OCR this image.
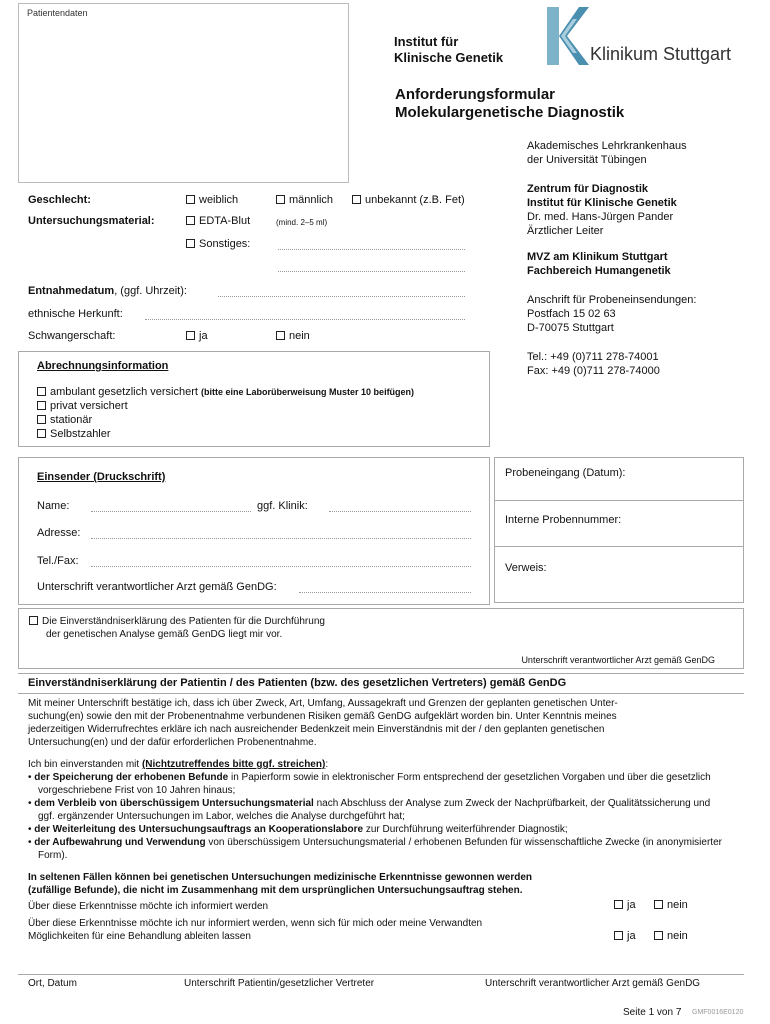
Patientendaten
Institut für
Klinische Genetik	Klinikum Stuttgart
Anforderungsformular
Molekulargenetische Diagnostik
Akademisches Lehrkrankenhaus
der Universität Tübingen
Zentrum für Diagnostik
Institut für Klinische Genetik
Dr. med. Hans-Jürgen Pander
Ärztlicher Leiter
MVZ am Klinikum Stuttgart
Fachbereich Humangenetik
Anschrift für Probeneinsendungen:
Postfach 15 02 63
D-70075 Stuttgart
Tel.: +49 (0)711 278-74001
Fax: +49 (0)711 278-74000
Geschlecht:	weiblich	männlich	unbekannt (z.B. Fet)
Untersuchungsmaterial:	EDTA-Blut	(mind. 2–5 ml)
Sonstiges:
Entnahmedatum, (ggf. Uhrzeit):
ethnische Herkunft:
Schwangerschaft:	ja	nein
Abrechnungsinformation
ambulant gesetzlich versichert (bitte eine Laborüberweisung Muster 10 beifügen)
privat versichert
stationär
Selbstzahler
Einsender (Druckschrift)
Name:	ggf. Klinik:
Adresse:
Tel./Fax:
Unterschrift verantwortlicher Arzt gemäß GenDG:
Probeneingang (Datum):
Interne Probennummer:
Verweis:
Die Einverständniserklärung des Patienten für die Durchführung
der genetischen Analyse gemäß GenDG liegt mir vor.
Unterschrift verantwortlicher Arzt gemäß GenDG
Einverständniserklärung der Patientin / des Patienten (bzw. des gesetzlichen Vertreters) gemäß GenDG
Mit meiner Unterschrift bestätige ich, dass ich über Zweck, Art, Umfang, Aussagekraft und Grenzen der geplanten genetischen Unter-
suchung(en) sowie den mit der Probenentnahme verbundenen Risiken gemäß GenDG aufgeklärt worden bin. Unter Kenntnis meines
jederzeitigen Widerrufrechtes erkläre ich nach ausreichender Bedenkzeit mein Einverständnis mit der / den geplanten genetischen
Untersuchung(en) und der dafür erforderlichen Probenentnahme.
Ich bin einverstanden mit (Nichtzutreffendes bitte ggf. streichen):
• der Speicherung der erhobenen Befunde in Papierform sowie in elektronischer Form entsprechend der gesetzlichen Vorgaben und über die gesetzlich vorgeschriebene Frist von 10 Jahren hinaus;
• dem Verbleib von überschüssigem Untersuchungsmaterial nach Abschluss der Analyse zum Zweck der Nachprüfbarkeit, der Qualitätssicherung und ggf. ergänzender Untersuchungen im Labor, welches die Analyse durchgeführt hat;
• der Weiterleitung des Untersuchungsauftrags an Kooperationslabore zur Durchführung weiterführender Diagnostik;
• der Aufbewahrung und Verwendung von überschüssigem Untersuchungsmaterial / erhobenen Befunden für wissenschaftliche Zwecke (in anonymisierter Form).
In seltenen Fällen können bei genetischen Untersuchungen medizinische Erkenntnisse gewonnen werden
(zufällige Befunde), die nicht im Zusammenhang mit dem ursprünglichen Untersuchungsauftrag stehen.
Über diese Erkenntnisse möchte ich informiert werden	ja	nein
Über diese Erkenntnisse möchte ich nur informiert werden, wenn sich für mich oder meine Verwandten
Möglichkeiten für eine Behandlung ableiten lassen	ja	nein
Ort, Datum	Unterschrift Patientin/gesetzlicher Vertreter	Unterschrift verantwortlicher Arzt gemäß GenDG
Seite 1 von 7 GMF0016E0120
